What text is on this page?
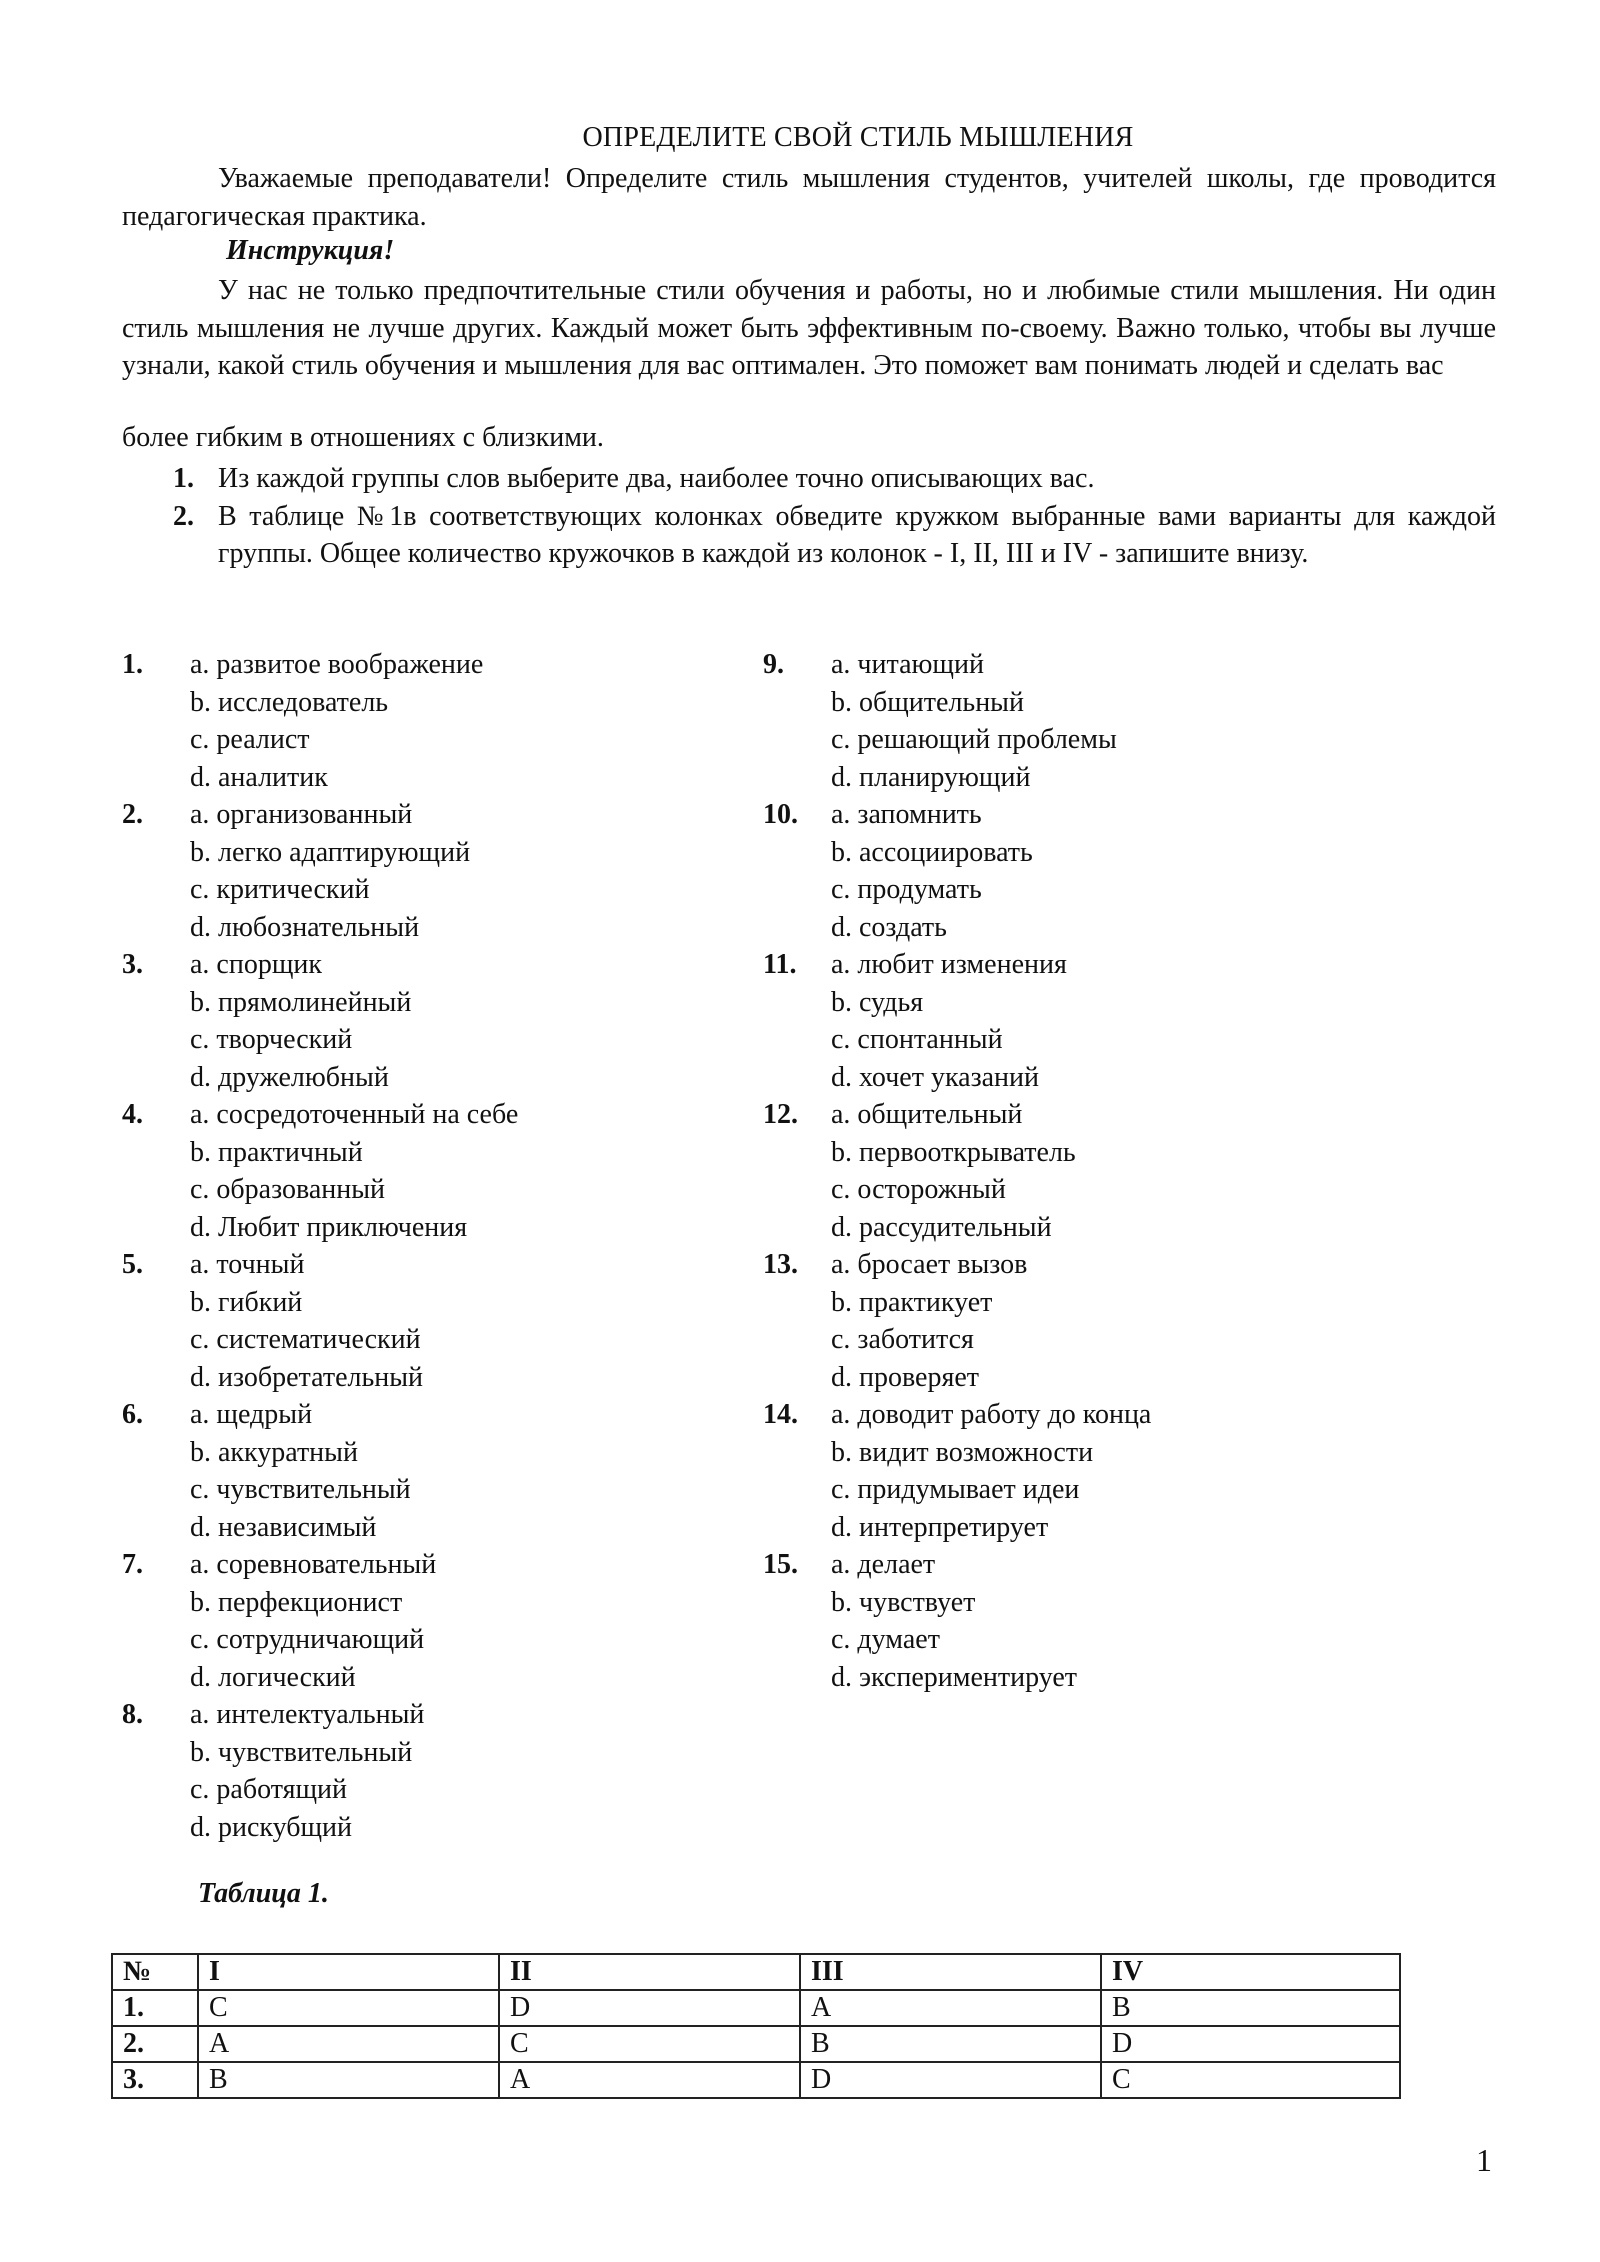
ОПРЕДЕЛИТЕ СВОЙ СТИЛЬ МЫШЛЕНИЯ
Уважаемые преподаватели! Определите стиль мышления студентов, учителей школы, где проводится педагогическая практика.
Инструкция!
У нас не только предпочтительные стили обучения и работы, но и любимые стили мышления. Ни один стиль мышления не лучше других. Каждый может быть эффективным по-своему. Важно только, чтобы вы лучше узнали, какой стиль обучения и мышления для вас оптимален. Это поможет вам понимать людей и сделать вас
более гибким в отношениях с близкими.
1. Из каждой группы слов выберите два, наиболее точно описывающих вас.
2. В таблице №1в соответствующих колонках обведите кружком выбранные вами варианты для каждой группы. Общее количество кружочков в каждой из колонок - I, II, III и IV - запишите внизу.
1.	a. развитое воображение
b. исследователь
c. реалист
d. аналитик
2.	a. организованный
b. легко адаптирующий
c. критический
d. любознательный
3.	a. спорщик
b. прямолинейный
c. творческий
d. дружелюбный
4.	a. сосредоточенный на себе
b. практичный
c. образованный
d. Любит приключения
5.	a. точный
b. гибкий
c. систематический
d. изобретательный
6.	a. щедрый
b. аккуратный
c. чувствительный
d. независимый
7.	a. соревновательный
b. перфекционист
c. сотрудничающий
d. логический
8.	a. интелектуальный
b. чувствительный
c. работящий
d. рискубщий
9.	a. читающий
b. общительный
c. решающий проблемы
d. планирующий
10.	a. запомнить
b. ассоциировать
c. продумать
d. создать
11.	a. любит изменения
b. судья
c. спонтанный
d. хочет указаний
12.	a. общительный
b. первооткрыватель
c. осторожный
d. рассудительный
13.	a. бросает вызов
b. практикует
c. заботится
d. проверяет
14.	a. доводит работу до конца
b. видит возможности
c. придумывает идеи
d. интерпретирует
15.	a. делает
b. чувствует
c. думает
d. экспериментирует
Таблица 1.
№	I	II	III	IV
1.	C	D	A	B
2.	A	C	B	D
3.	B	A	D	C
1
